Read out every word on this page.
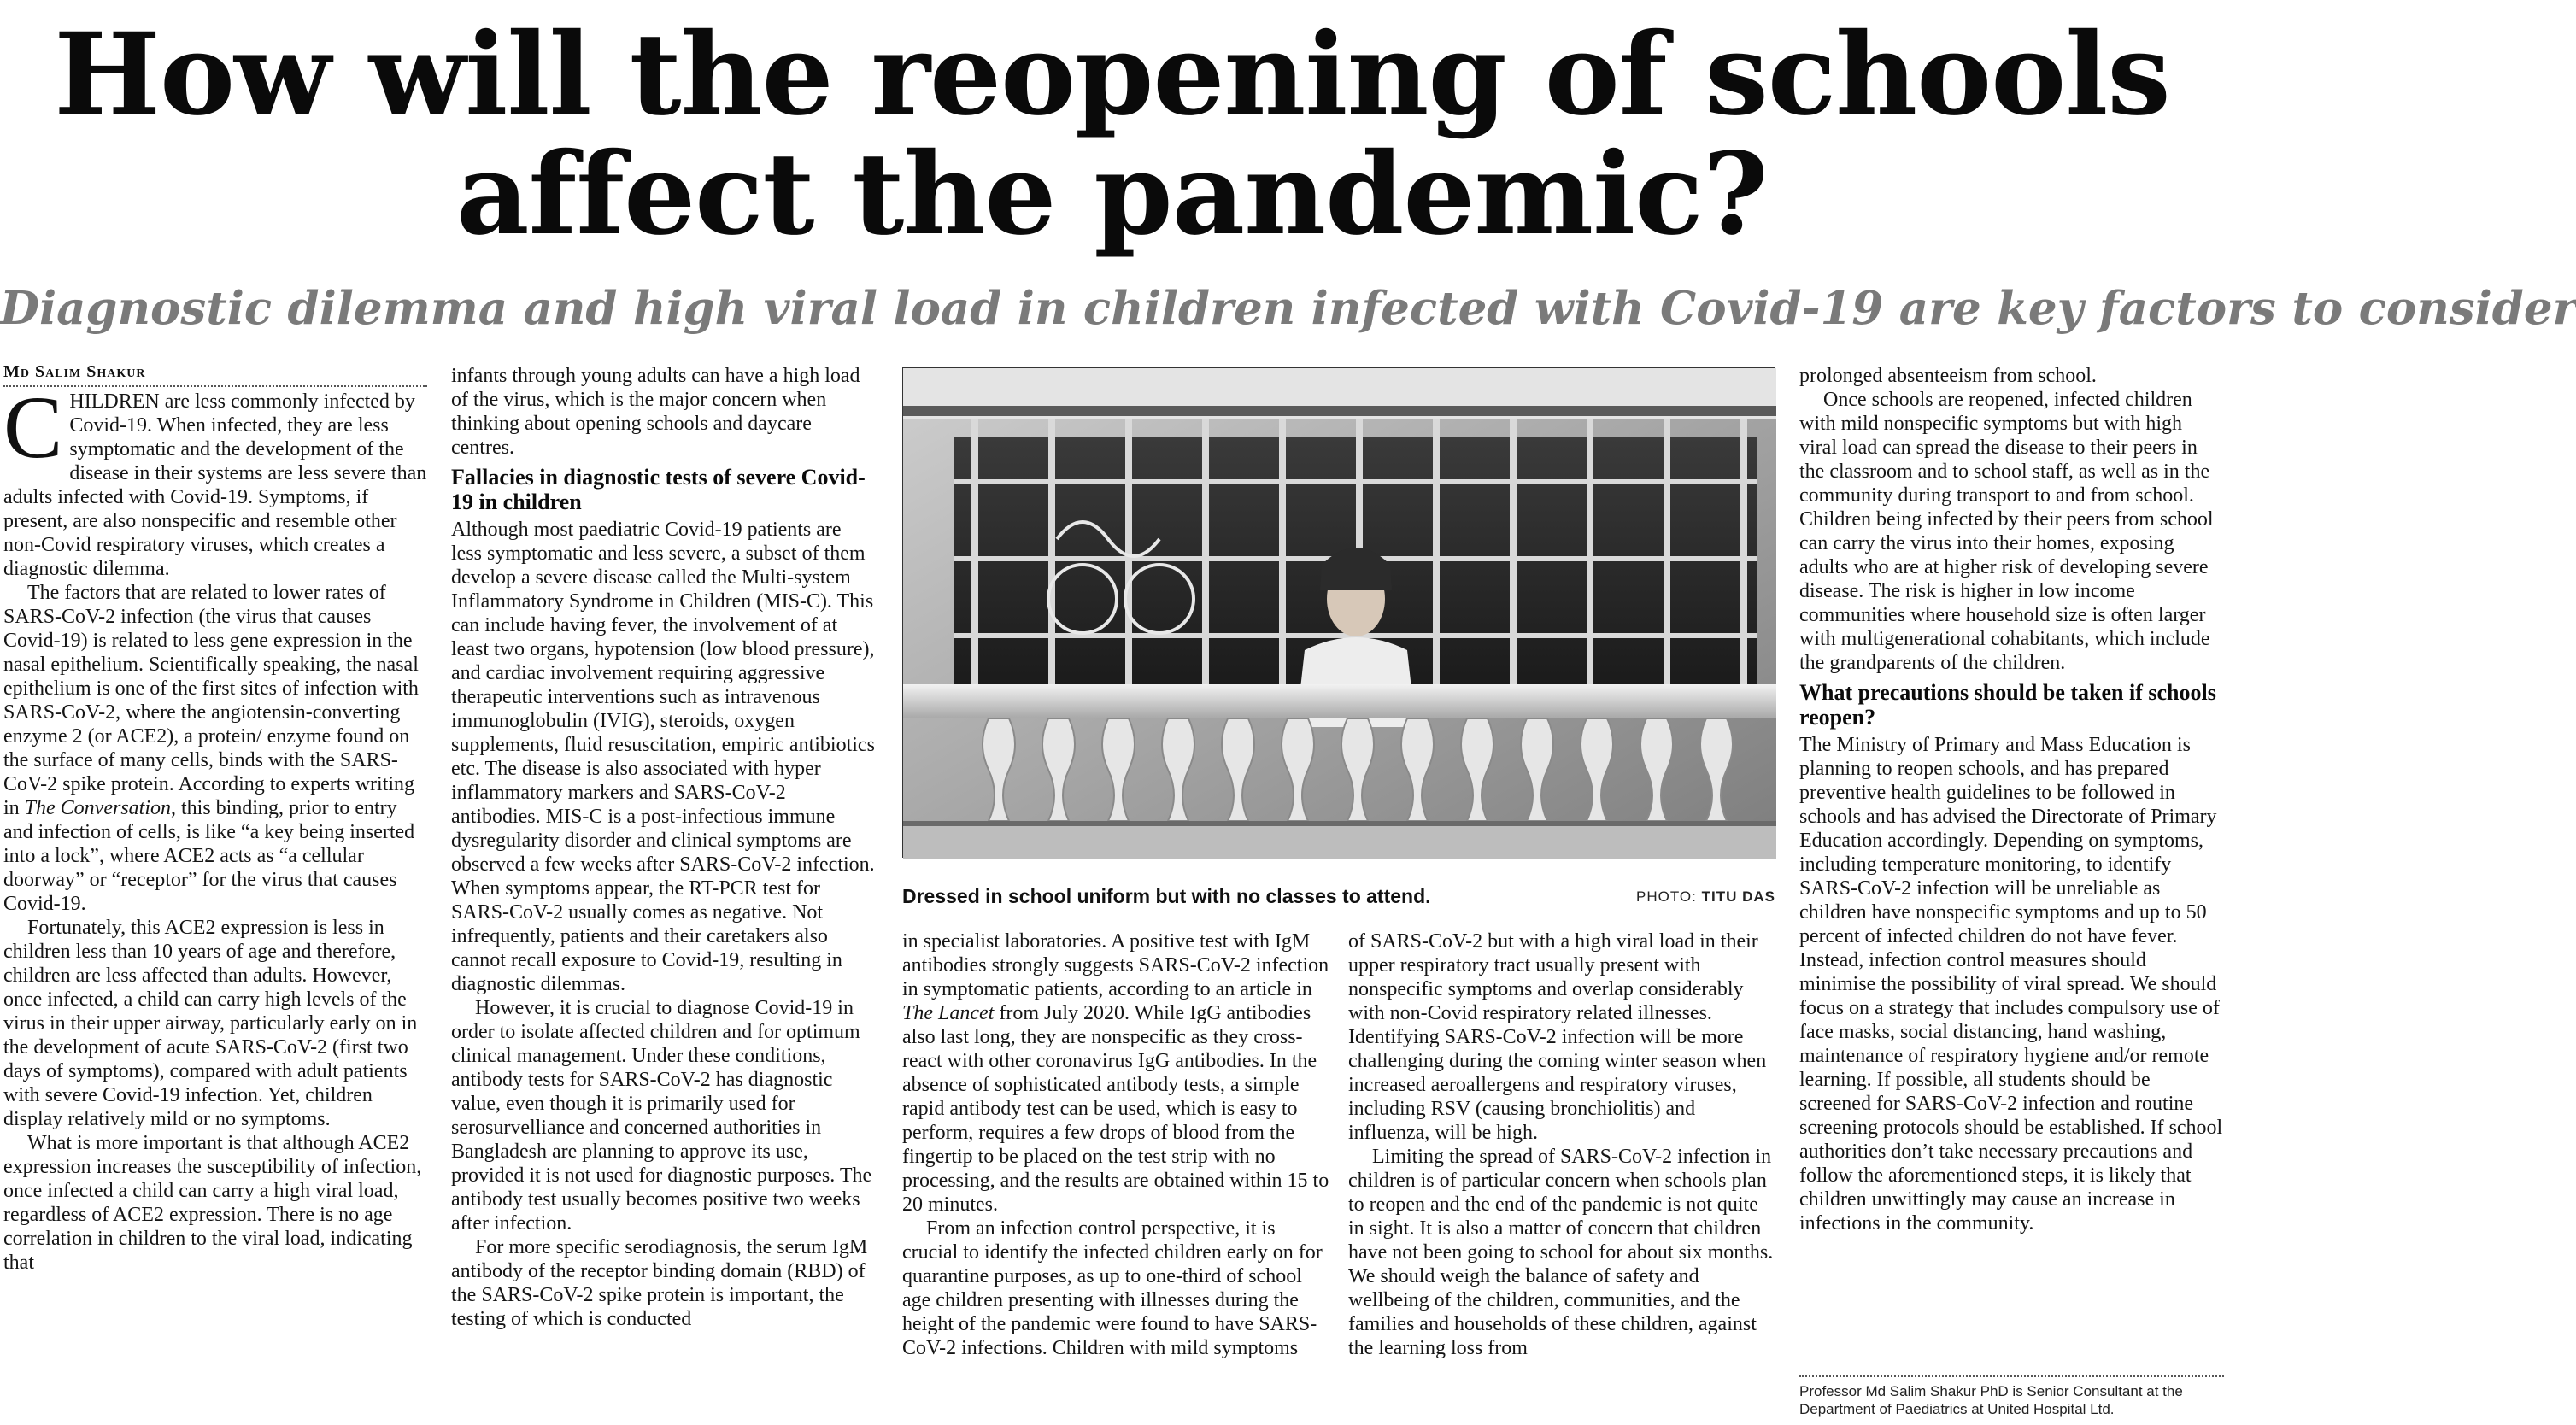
How will the reopening of schools affect the pandemic?
Diagnostic dilemma and high viral load in children infected with Covid-19 are key factors to consider
Md Salim Shakur

CHILDREN are less commonly infected by Covid-19. When infected, they are less symptomatic and the development of the disease in their systems are less severe than adults infected with Covid-19. Symptoms, if present, are also nonspecific and resemble other non-Covid respiratory viruses, which creates a diagnostic dilemma.

The factors that are related to lower rates of SARS-CoV-2 infection (the virus that causes Covid-19) is related to less gene expression in the nasal epithelium. Scientifically speaking, the nasal epithelium is one of the first sites of infection with SARS-CoV-2, where the angiotensin-converting enzyme 2 (or ACE2), a protein/ enzyme found on the surface of many cells, binds with the SARS-CoV-2 spike protein. According to experts writing in The Conversation, this binding, prior to entry and infection of cells, is like “a key being inserted into a lock”, where ACE2 acts as “a cellular doorway” or “receptor” for the virus that causes Covid-19.

Fortunately, this ACE2 expression is less in children less than 10 years of age and therefore, children are less affected than adults. However, once infected, a child can carry high levels of the virus in their upper airway, particularly early on in the development of acute SARS-CoV-2 (first two days of symptoms), compared with adult patients with severe Covid-19 infection. Yet, children display relatively mild or no symptoms.

What is more important is that although ACE2 expression increases the susceptibility of infection, once infected a child can carry a high viral load, regardless of ACE2 expression. There is no age correlation in children to the viral load, indicating that

infants through young adults can have a high load of the virus, which is the major concern when thinking about opening schools and daycare centres.

Fallacies in diagnostic tests of severe Covid-19 in children

Although most paediatric Covid-19 patients are less symptomatic and less severe, a subset of them develop a severe disease called the Multi-system Inflammatory Syndrome in Children (MIS-C). This can include having fever, the involvement of at least two organs, hypotension (low blood pressure), and cardiac involvement requiring aggressive therapeutic interventions such as intravenous immunoglobulin (IVIG), steroids, oxygen supplements, fluid resuscitation, empiric antibiotics etc. The disease is also associated with hyper inflammatory markers and SARS-CoV-2 antibodies. MIS-C is a post-infectious immune dysregularity disorder and clinical symptoms are observed a few weeks after SARS-CoV-2 infection. When symptoms appear, the RT-PCR test for SARS-CoV-2 usually comes as negative. Not infrequently, patients and their caretakers also cannot recall exposure to Covid-19, resulting in diagnostic dilemmas.

However, it is crucial to diagnose Covid-19 in order to isolate affected children and for optimum clinical management. Under these conditions, antibody tests for SARS-CoV-2 has diagnostic value, even though it is primarily used for serosurvelliance and concerned authorities in Bangladesh are planning to approve its use, provided it is not used for diagnostic purposes. The antibody test usually becomes positive two weeks after infection.

For more specific serodiagnosis, the serum IgM antibody of the receptor binding domain (RBD) of the SARS-CoV-2 spike protein is important, the testing of which is conducted

Dressed in school uniform but with no classes to attend.	PHOTO: TITU DAS

in specialist laboratories. A positive test with IgM antibodies strongly suggests SARS-CoV-2 infection in symptomatic patients, according to an article in The Lancet from July 2020. While IgG antibodies also last long, they are nonspecific as they cross-react with other coronavirus IgG antibodies. In the absence of sophisticated antibody tests, a simple rapid antibody test can be used, which is easy to perform, requires a few drops of blood from the fingertip to be placed on the test strip with no processing, and the results are obtained within 15 to 20 minutes.

From an infection control perspective, it is crucial to identify the infected children early on for quarantine purposes, as up to one-third of school age children presenting with illnesses during the height of the pandemic were found to have SARS-CoV-2 infections. Children with mild symptoms

of SARS-CoV-2 but with a high viral load in their upper respiratory tract usually present with nonspecific symptoms and overlap considerably with non-Covid respiratory related illnesses. Identifying SARS-CoV-2 infection will be more challenging during the coming winter season when increased aeroallergens and respiratory viruses, including RSV (causing bronchiolitis) and influenza, will be high.

Limiting the spread of SARS-CoV-2 infection in children is of particular concern when schools plan to reopen and the end of the pandemic is not quite in sight. It is also a matter of concern that children have not been going to school for about six months. We should weigh the balance of safety and wellbeing of the children, communities, and the families and households of these children, against the learning loss from

prolonged absenteeism from school.

Once schools are reopened, infected children with mild nonspecific symptoms but with high viral load can spread the disease to their peers in the classroom and to school staff, as well as in the community during transport to and from school. Children being infected by their peers from school can carry the virus into their homes, exposing adults who are at higher risk of developing severe disease. The risk is higher in low income communities where household size is often larger with multigenerational cohabitants, which include the grandparents of the children.

What precautions should be taken if schools reopen?

The Ministry of Primary and Mass Education is planning to reopen schools, and has prepared preventive health guidelines to be followed in schools and has advised the Directorate of Primary Education accordingly. Depending on symptoms, including temperature monitoring, to identify SARS-CoV-2 infection will be unreliable as children have nonspecific symptoms and up to 50 percent of infected children do not have fever. Instead, infection control measures should minimise the possibility of viral spread. We should focus on a strategy that includes compulsory use of face masks, social distancing, hand washing, maintenance of respiratory hygiene and/or remote learning. If possible, all students should be screened for SARS-CoV-2 infection and routine screening protocols should be established. If school authorities don’t take necessary precautions and follow the aforementioned steps, it is likely that children unwittingly may cause an increase in infections in the community.

Professor Md Salim Shakur PhD is Senior Consultant at the Department of Paediatrics at United Hospital Ltd.
